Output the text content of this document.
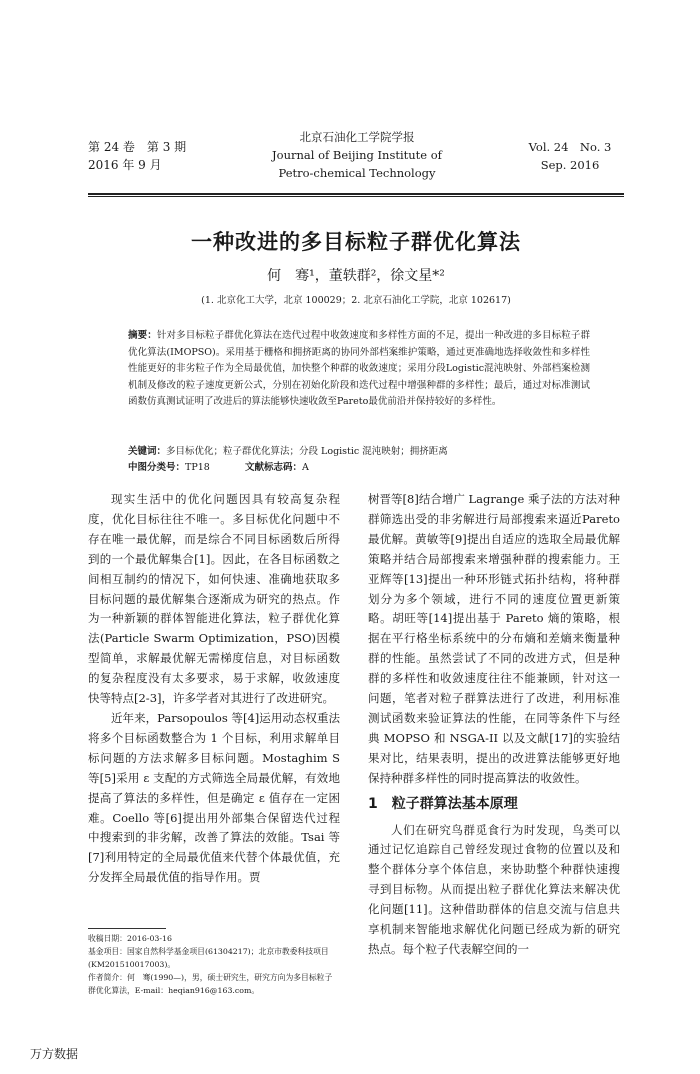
第 24 卷　第 3 期
2016 年 9 月
北京石油化工学院学报
Journal of Beijing Institute of
Petro-chemical Technology
Vol. 24　No. 3
Sep. 2016
一种改进的多目标粒子群优化算法
何　骞¹，董轶群²，徐文星*²
(1. 北京化工大学，北京 100029；2. 北京石油化工学院，北京 102617)
摘要：针对多目标粒子群优化算法在迭代过程中收敛速度和多样性方面的不足，提出一种改进的多目标粒子群优化算法(IMOPSO)。采用基于栅格和拥挤距离的协同外部档案维护策略，通过更准确地选择收敛性和多样性性能更好的非劣粒子作为全局最优值，加快整个种群的收敛速度；采用分段Logistic混沌映射、外部档案检测机制及修改的粒子速度更新公式，分别在初始化阶段和迭代过程中增强种群的多样性；最后，通过对标准测试函数仿真测试证明了改进后的算法能够快速收敛至Pareto最优前沿并保持较好的多样性。
关键词：多目标优化；粒子群优化算法；分段 Logistic 混沌映射；拥挤距离
中图分类号：TP18	文献标志码：A

现实生活中的优化问题因具有较高复杂程度，优化目标往往不唯一。多目标优化问题中不存在唯一最优解，而是综合不同目标函数后所得到的一个最优解集合[1]。因此，在各目标函数之间相互制约的情况下，如何快速、准确地获取多目标问题的最优解集合逐渐成为研究的热点。作为一种新颖的群体智能进化算法，粒子群优化算法(Particle Swarm Optimization，PSO)因模型简单，求解最优解无需梯度信息，对目标函数的复杂程度没有太多要求，易于求解，收敛速度快等特点[2-3]，许多学者对其进行了改进研究。

近年来，Parsopoulos 等[4]运用动态权重法将多个目标函数整合为 1 个目标，利用求解单目标问题的方法求解多目标问题。Mostaghim S 等[5]采用 ε 支配的方式筛选全局最优解，有效地提高了算法的多样性，但是确定 ε 值存在一定困难。Coello 等[6]提出用外部集合保留迭代过程中搜索到的非劣解，改善了算法的效能。Tsai 等[7]利用特定的全局最优值来代替个体最优值，充分发挥全局最优值的指导作用。贾

树晋等[8]结合增广 Lagrange 乘子法的方法对种群筛选出受的非劣解进行局部搜索来逼近Pareto最优解。黄敏等[9]提出自适应的选取全局最优解策略并结合局部搜索来增强种群的搜索能力。王亚辉等[13]提出一种环形链式拓扑结构，将种群划分为多个领域，进行不同的速度位置更新策略。胡旺等[14]提出基于 Pareto 熵的策略，根据在平行格坐标系统中的分布熵和差熵来衡量种群的性能。虽然尝试了不同的改进方式，但是种群的多样性和收敛速度往往不能兼顾，针对这一问题，笔者对粒子群算法进行了改进，利用标准测试函数来验证算法的性能，在同等条件下与经典 MOPSO 和 NSGA-II 以及文献[17]的实验结果对比，结果表明，提出的改进算法能够更好地保持种群多样性的同时提高算法的收敛性。

1　粒子群算法基本原理

人们在研究鸟群觅食行为时发现，鸟类可以通过记忆追踪自己曾经发现过食物的位置以及和整个群体分享个体信息，来协助整个种群快速搜寻到目标物。从而提出粒子群优化算法来解决优化问题[11]。这种借助群体的信息交流与信息共享机制来智能地求解优化问题已经成为新的研究热点。每个粒子代表解空间的一

收稿日期：2016-03-16
基金项目：国家自然科学基金项目(61304217)；北京市教委科技项目(KM201510017003)。
作者简介：何　骞(1990—)，男，硕士研究生，研究方向为多目标粒子群优化算法，E-mail：heqian916@163.com。
万方数据
